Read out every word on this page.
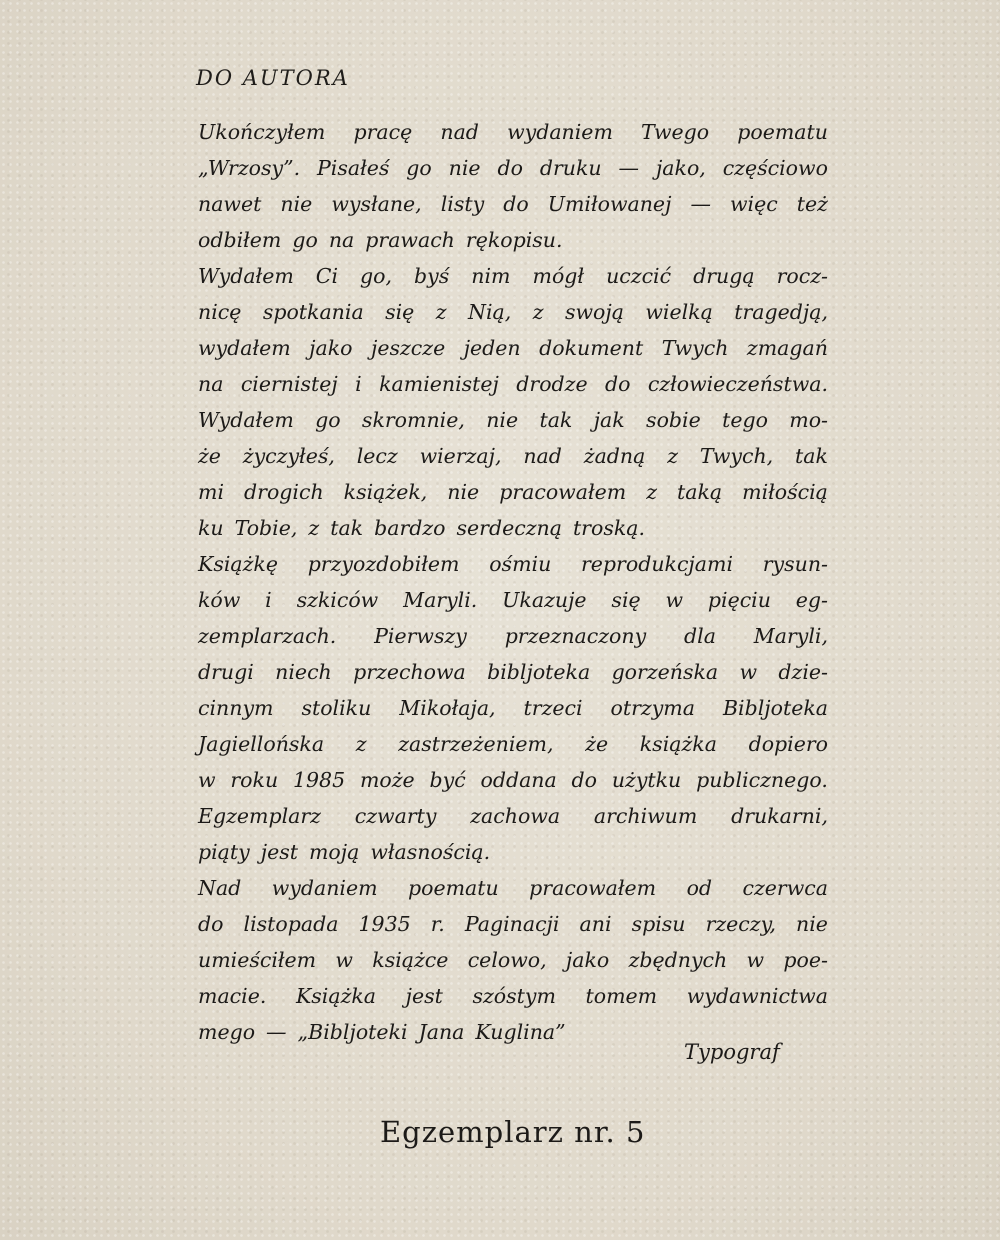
DO AUTORA
Ukończyłem pracę nad wydaniem Twego poematu
„Wrzosy”. Pisałeś go nie do druku — jako, częściowo
nawet nie wysłane, listy do Umiłowanej — więc też
odbiłem go na prawach rękopisu.
Wydałem Ci go, byś nim mógł uczcić drugą rocz-
nicę spotkania się z Nią, z swoją wielką tragedją,
wydałem jako jeszcze jeden dokument Twych zmagań
na ciernistej i kamienistej drodze do człowieczeństwa.
Wydałem go skromnie, nie tak jak sobie tego mo-
że życzyłeś, lecz wierzaj, nad żadną z Twych, tak
mi drogich książek, nie pracowałem z taką miłością
ku Tobie, z tak bardzo serdeczną troską.
Książkę przyozdobiłem ośmiu reprodukcjami rysun-
ków i szkiców Maryli. Ukazuje się w pięciu eg-
zemplarzach. Pierwszy przeznaczony dla Maryli,
drugi niech przechowa bibljoteka gorzeńska w dzie-
cinnym stoliku Mikołaja, trzeci otrzyma Bibljoteka
Jagiellońska z zastrzeżeniem, że książka dopiero
w roku 1985 może być oddana do użytku publicznego.
Egzemplarz czwarty zachowa archiwum drukarni,
piąty jest moją własnością.
Nad wydaniem poematu pracowałem od czerwca
do listopada 1935 r. Paginacji ani spisu rzeczy, nie
umieściłem w książce celowo, jako zbędnych w poe-
macie. Książka jest szóstym tomem wydawnictwa
mego — „Bibljoteki Jana Kuglina”
Typograf
Egzemplarz nr. 5
